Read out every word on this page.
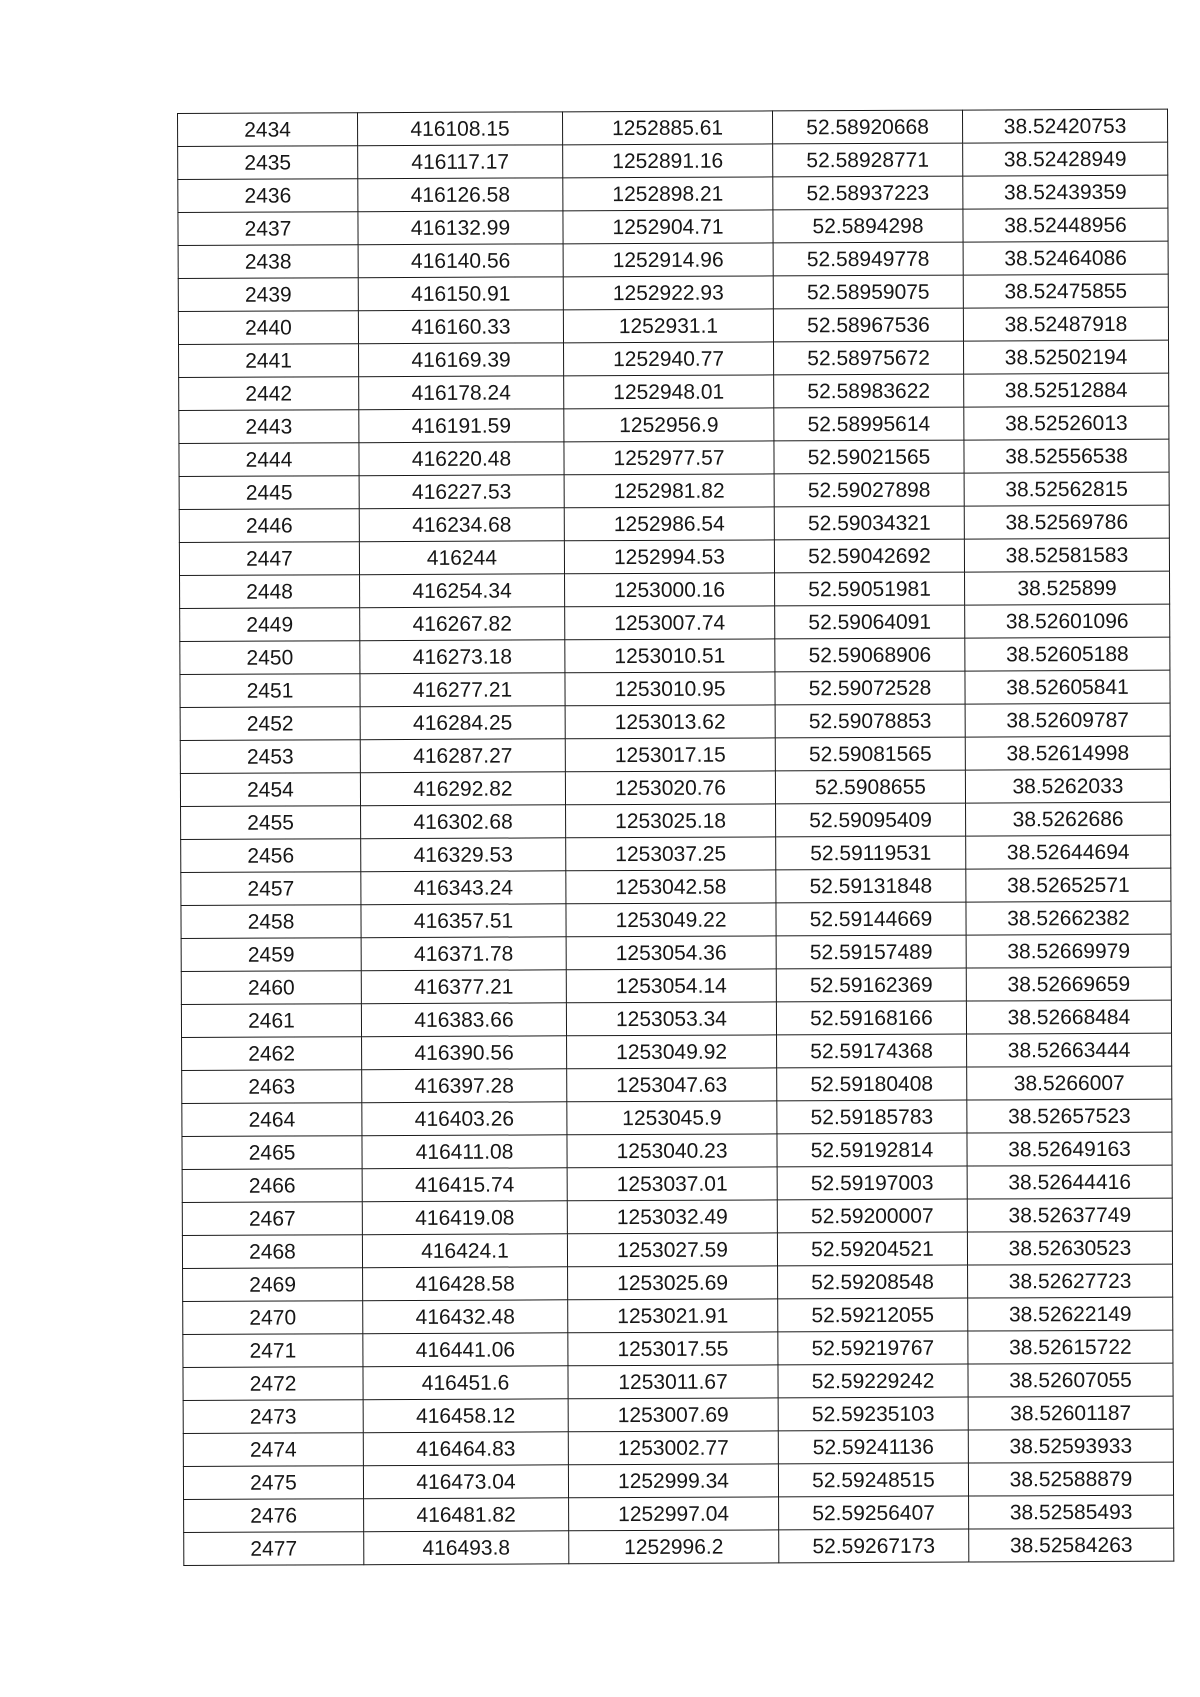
2434	416108.15	1252885.61	52.58920668	38.52420753
2435	416117.17	1252891.16	52.58928771	38.52428949
2436	416126.58	1252898.21	52.58937223	38.52439359
2437	416132.99	1252904.71	52.5894298	38.52448956
2438	416140.56	1252914.96	52.58949778	38.52464086
2439	416150.91	1252922.93	52.58959075	38.52475855
2440	416160.33	1252931.1	52.58967536	38.52487918
2441	416169.39	1252940.77	52.58975672	38.52502194
2442	416178.24	1252948.01	52.58983622	38.52512884
2443	416191.59	1252956.9	52.58995614	38.52526013
2444	416220.48	1252977.57	52.59021565	38.52556538
2445	416227.53	1252981.82	52.59027898	38.52562815
2446	416234.68	1252986.54	52.59034321	38.52569786
2447	416244	1252994.53	52.59042692	38.52581583
2448	416254.34	1253000.16	52.59051981	38.525899
2449	416267.82	1253007.74	52.59064091	38.52601096
2450	416273.18	1253010.51	52.59068906	38.52605188
2451	416277.21	1253010.95	52.59072528	38.52605841
2452	416284.25	1253013.62	52.59078853	38.52609787
2453	416287.27	1253017.15	52.59081565	38.52614998
2454	416292.82	1253020.76	52.5908655	38.5262033
2455	416302.68	1253025.18	52.59095409	38.5262686
2456	416329.53	1253037.25	52.59119531	38.52644694
2457	416343.24	1253042.58	52.59131848	38.52652571
2458	416357.51	1253049.22	52.59144669	38.52662382
2459	416371.78	1253054.36	52.59157489	38.52669979
2460	416377.21	1253054.14	52.59162369	38.52669659
2461	416383.66	1253053.34	52.59168166	38.52668484
2462	416390.56	1253049.92	52.59174368	38.52663444
2463	416397.28	1253047.63	52.59180408	38.5266007
2464	416403.26	1253045.9	52.59185783	38.52657523
2465	416411.08	1253040.23	52.59192814	38.52649163
2466	416415.74	1253037.01	52.59197003	38.52644416
2467	416419.08	1253032.49	52.59200007	38.52637749
2468	416424.1	1253027.59	52.59204521	38.52630523
2469	416428.58	1253025.69	52.59208548	38.52627723
2470	416432.48	1253021.91	52.59212055	38.52622149
2471	416441.06	1253017.55	52.59219767	38.52615722
2472	416451.6	1253011.67	52.59229242	38.52607055
2473	416458.12	1253007.69	52.59235103	38.52601187
2474	416464.83	1253002.77	52.59241136	38.52593933
2475	416473.04	1252999.34	52.59248515	38.52588879
2476	416481.82	1252997.04	52.59256407	38.52585493
2477	416493.8	1252996.2	52.59267173	38.52584263
